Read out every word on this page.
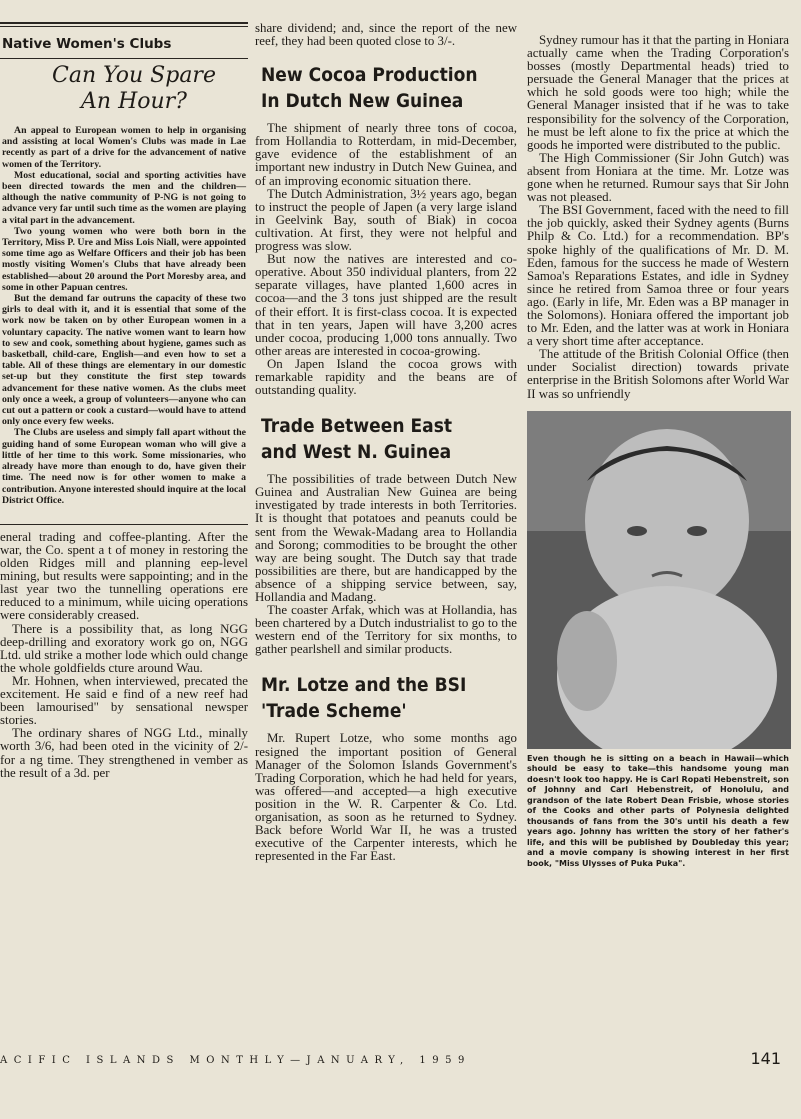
Native Women's Clubs
Can You Spare
An Hour?

An appeal to European women to help in organising and assisting at local Women's Clubs was made in Lae recently as part of a drive for the advancement of native women of the Territory.

Most educational, social and sporting activities have been directed towards the men and the children—although the native community of P-NG is not going to advance very far until such time as the women are playing a vital part in the advancement.

Two young women who were both born in the Territory, Miss P. Ure and Miss Lois Niall, were appointed some time ago as Welfare Officers and their job has been mostly visiting Women's Clubs that have already been established—about 20 around the Port Moresby area, and some in other Papuan centres.

But the demand far outruns the capacity of these two girls to deal with it, and it is essential that some of the work now be taken on by other European women in a voluntary capacity. The native women want to learn how to sew and cook, something about hygiene, games such as basketball, child-care, English—and even how to set a table. All of these things are elementary in our domestic set-up but they constitute the first step towards advancement for these native women. As the clubs meet only once a week, a group of volunteers—anyone who can cut out a pattern or cook a custard—would have to attend only once every few weeks.

The Clubs are useless and simply fall apart without the guiding hand of some European woman who will give a little of her time to this work. Some missionaries, who already have more than enough to do, have given their time. The need now is for other women to make a contribution. Anyone interested should inquire at the local District Office.

eneral trading and coffee-planting. After the war, the Co. spent a t of money in restoring the olden Ridges mill and planning eep-level mining, but results were sappointing; and in the last year two the tunnelling operations ere reduced to a minimum, while uicing operations were considerably creased.

There is a possibility that, as long NGG deep-drilling and exoratory work go on, NGG Ltd. uld strike a mother lode which ould change the whole goldfields cture around Wau.

Mr. Hohnen, when interviewed, precated the excitement. He said e find of a new reef had been lamourised" by sensational newsper stories.

The ordinary shares of NGG Ltd., minally worth 3/6, had been oted in the vicinity of 2/- for a ng time. They strengthened in vember as the result of a 3d. per

share dividend; and, since the report of the new reef, they had been quoted close to 3/-.

New Cocoa Production
In Dutch New Guinea

The shipment of nearly three tons of cocoa, from Hollandia to Rotterdam, in mid-December, gave evidence of the establishment of an important new industry in Dutch New Guinea, and of an improving economic situation there.

The Dutch Administration, 3½ years ago, began to instruct the people of Japen (a very large island in Geelvink Bay, south of Biak) in cocoa cultivation. At first, they were not helpful and progress was slow.

But now the natives are interested and co-operative. About 350 individual planters, from 22 separate villages, have planted 1,600 acres in cocoa—and the 3 tons just shipped are the result of their effort. It is first-class cocoa. It is expected that in ten years, Japen will have 3,200 acres under cocoa, producing 1,000 tons annually. Two other areas are interested in cocoa-growing.

On Japen Island the cocoa grows with remarkable rapidity and the beans are of outstanding quality.

Trade Between East
and West N. Guinea

The possibilities of trade between Dutch New Guinea and Australian New Guinea are being investigated by trade interests in both Territories. It is thought that potatoes and peanuts could be sent from the Wewak-Madang area to Hollandia and Sorong; commodities to be brought the other way are being sought. The Dutch say that trade possibilities are there, but are handicapped by the absence of a shipping service between, say, Hollandia and Madang.

The coaster Arfak, which was at Hollandia, has been chartered by a Dutch industrialist to go to the western end of the Territory for six months, to gather pearlshell and similar products.

Mr. Lotze and the BSI
'Trade Scheme'

Mr. Rupert Lotze, who some months ago resigned the important position of General Manager of the Solomon Islands Government's Trading Corporation, which he had held for years, was offered—and accepted—a high executive position in the W. R. Carpenter & Co. Ltd. organisation, as soon as he returned to Sydney. Back before World War II, he was a trusted executive of the Carpenter interests, which he represented in the Far East.

Sydney rumour has it that the parting in Honiara actually came when the Trading Corporation's bosses (mostly Departmental heads) tried to persuade the General Manager that the prices at which he sold goods were too high; while the General Manager insisted that if he was to take responsibility for the solvency of the Corporation, he must be left alone to fix the price at which the goods he imported were distributed to the public.

The High Commissioner (Sir John Gutch) was absent from Honiara at the time. Mr. Lotze was gone when he returned. Rumour says that Sir John was not pleased.

The BSI Government, faced with the need to fill the job quickly, asked their Sydney agents (Burns Philp & Co. Ltd.) for a recommendation. BP's spoke highly of the qualifications of Mr. D. M. Eden, famous for the success he made of Western Samoa's Reparations Estates, and idle in Sydney since he retired from Samoa three or four years ago. (Early in life, Mr. Eden was a BP manager in the Solomons). Honiara offered the important job to Mr. Eden, and the latter was at work in Honiara a very short time after acceptance.

The attitude of the British Colonial Office (then under Socialist direction) towards private enterprise in the British Solomons after World War II was so unfriendly

Even though he is sitting on a beach in Hawaii—which should be easy to take—this handsome young man doesn't look too happy. He is Carl Ropati Hebenstreit, son of Johnny and Carl Hebenstreit, of Honolulu, and grandson of the late Robert Dean Frisbie, whose stories of the Cooks and other parts of Polynesia delighted thousands of fans from the 30's until his death a few years ago. Johnny has written the story of her father's life, and this will be published by Doubleday this year; and a movie company is showing interest in her first book, "Miss Ulysses of Puka Puka".
ACIFIC ISLANDS MONTHLY—JANUARY, 1959	141
